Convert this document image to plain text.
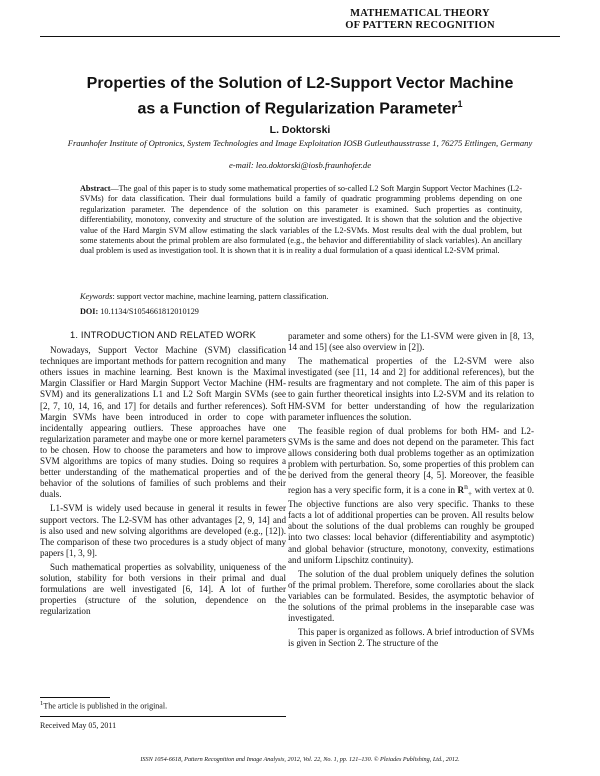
MATHEMATICAL THEORY
OF PATTERN RECOGNITION
Properties of the Solution of L2-Support Vector Machine
as a Function of Regularization Parameter$^1$
L. Doktorski
Fraunhofer Institute of Optronics, System Technologies and Image Exploitation IOSB Gutleuthausstrasse 1, 76275 Ettlingen, Germany
e-mail: leo.doktorski@iosb.fraunhofer.de
Abstract—The goal of this paper is to study some mathematical properties of so-called L2 Soft Margin Support Vector Machines (L2-SVMs) for data classification. Their dual formulations build a family of quadratic programming problems depending on one regularization parameter. The dependence of the solution on this parameter is examined. Such properties as continuity, differentiability, monotony, convexity and structure of the solution are investigated. It is shown that the solution and the objective value of the Hard Margin SVM allow estimating the slack variables of the L2-SVMs. Most results deal with the dual problem, but some statements about the primal problem are also formulated (e.g., the behavior and differentiability of slack variables). An ancillary dual problem is used as investigation tool. It is shown that it is in reality a dual formulation of a quasi identical L2-SVM primal.
Keywords: support vector machine, machine learning, pattern classification.
DOI: 10.1134/S1054661812010129
1. INTRODUCTION AND RELATED WORK

Nowadays, Support Vector Machine (SVM) classification techniques are important methods for pattern recognition and many others issues in machine learning. Best known is the Maximal Margin Classifier or Hard Margin Support Vector Machine (HM-SVM) and its generalizations L1 and L2 Soft Margin SVMs (see [2, 7, 10, 14, 16, and 17] for details and further references). Soft Margin SVMs have been introduced in order to cope with incidentally appearing outliers. These approaches have one regularization parameter and maybe one or more kernel parameters to be chosen. How to choose the parameters and how to improve SVM algorithms are topics of many studies. Doing so requires a better understanding of the mathematical properties and of the behavior of the solutions of families of such problems and their duals.

L1-SVM is widely used because in general it results in fewer support vectors. The L2-SVM has other advantages [2, 9, 14] and is also used and new solving algorithms are developed (e.g., [12]). The comparison of these two procedures is a study object of many papers [1, 3, 9].

Such mathematical properties as solvability, uniqueness of the solution, stability for both versions in their primal and dual formulations are well investigated [6, 14]. A lot of further properties (structure of the solution, dependence on the regularization

parameter and some others) for the L1-SVM were given in [8, 13, 14 and 15] (see also overview in [2]).

The mathematical properties of the L2-SVM were also investigated (see [11, 14 and 2] for additional references), but the results are fragmentary and not complete. The aim of this paper is to gain further theoretical insights into L2-SVM and its relation to HM-SVM for better understanding of how the regularization parameter influences the solution.

The feasible region of dual problems for both HM- and L2-SVMs is the same and does not depend on the parameter. This fact allows considering both dual problems together as an optimization problem with perturbation. So, some properties of this problem can be derived from the general theory [4, 5]. Moreover, the feasible region has a very specific form, it is a cone in $R^n_+$ with vertex at 0. The objective functions are also very specific. Thanks to these facts a lot of additional properties can be proven. All results below about the solutions of the dual problems can roughly be grouped into two classes: local behavior (differentiability and asymptotic) and global behavior (structure, monotony, convexity, estimations and uniform Lipschitz continuity).

The solution of the dual problem uniquely defines the solution of the primal problem. Therefore, some corollaries about the slack variables can be formulated. Besides, the asymptotic behavior of the solutions of the primal problems in the inseparable case was investigated.

This paper is organized as follows. A brief introduction of SVMs is given in Section 2. The structure of the

$^1$The article is published in the original.
Received May 05, 2011
ISSN 1054-6618, Pattern Recognition and Image Analysis, 2012, Vol. 22, No. 1, pp. 121–130. © Pleiades Publishing, Ltd., 2012.
